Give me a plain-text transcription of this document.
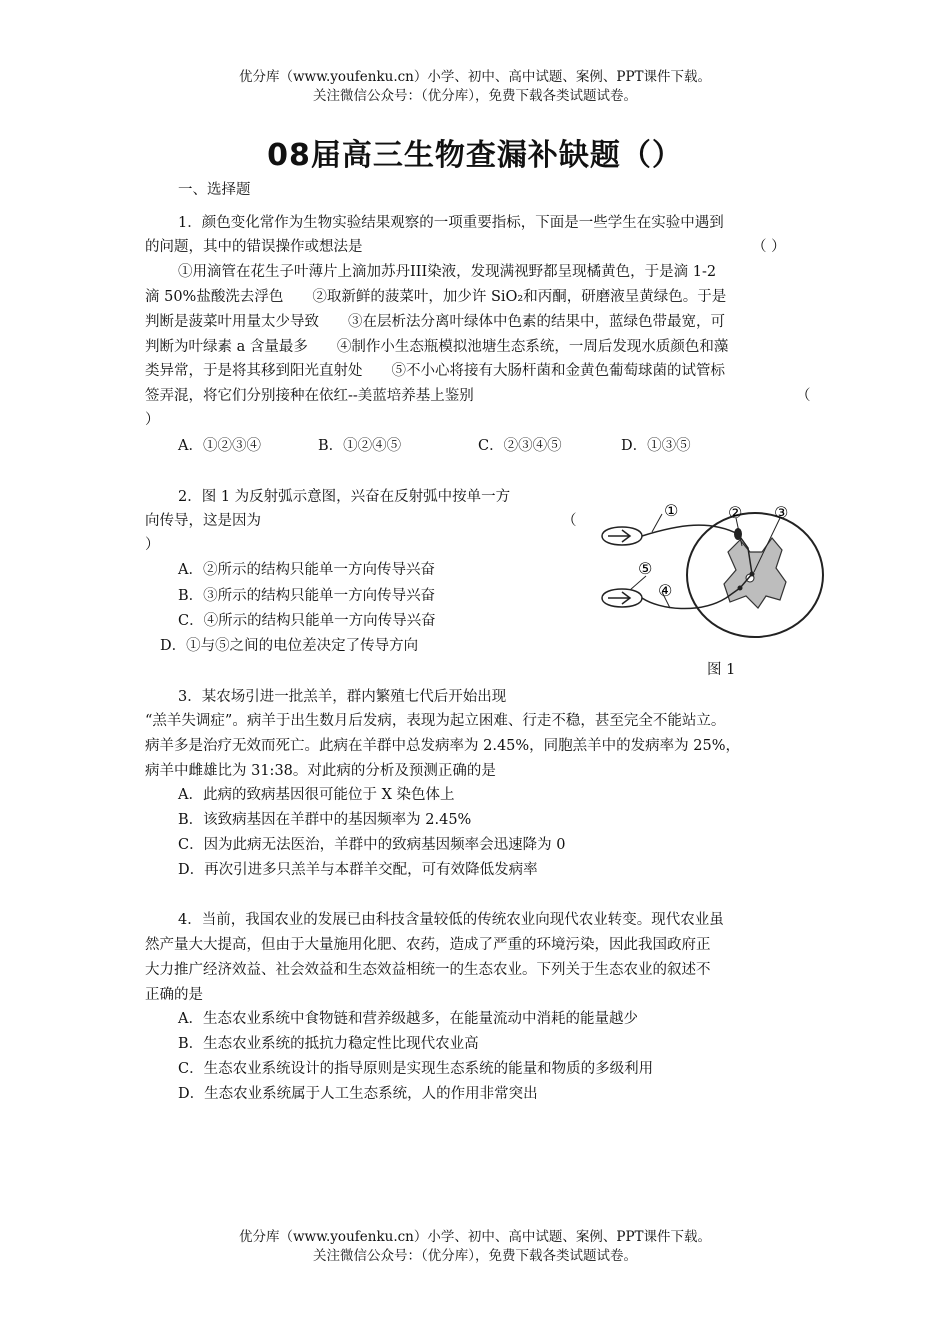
优分库（www.youfenku.cn）小学、初中、高中试题、案例、PPT课件下载。
关注微信公众号：（优分库），免费下载各类试题试卷。
08届高三生物查漏补缺题（）
一、选择题
1．颜色变化常作为生物实验结果观察的一项重要指标，下面是一些学生在实验中遇到
的问题，其中的错误操作或想法是	（ ）
①用滴管在花生子叶薄片上滴加苏丹III染液，发现满视野都呈现橘黄色，于是滴 1-2
滴 50%盐酸洗去浮色　　②取新鲜的菠菜叶，加少许 SiO₂和丙酮，研磨液呈黄绿色。于是
判断是菠菜叶用量太少导致　　③在层析法分离叶绿体中色素的结果中，蓝绿色带最宽，可
判断为叶绿素 a 含量最多　　④制作小生态瓶模拟池塘生态系统，一周后发现水质颜色和藻
类异常，于是将其移到阳光直射处　　⑤不小心将接有大肠杆菌和金黄色葡萄球菌的试管标
签弄混，将它们分别接种在依红--美蓝培养基上鉴别	（
）
A．①②③④	B．①②④⑤	C．②③④⑤	D．①③⑤
2．图 1 为反射弧示意图，兴奋在反射弧中按单一方
向传导，这是因为	（
）
A．②所示的结构只能单一方向传导兴奋
B．③所示的结构只能单一方向传导兴奋
C．④所示的结构只能单一方向传导兴奋
D．①与⑤之间的电位差决定了传导方向
①	② ③
④
⑤
图 1
3．某农场引进一批羔羊，群内繁殖七代后开始出现
“羔羊失调症”。病羊于出生数月后发病，表现为起立困难、行走不稳，甚至完全不能站立。
病羊多是治疗无效而死亡。此病在羊群中总发病率为 2.45%，同胞羔羊中的发病率为 25%，
病羊中雌雄比为 31:38。对此病的分析及预测正确的是
A．此病的致病基因很可能位于 X 染色体上
B．该致病基因在羊群中的基因频率为 2.45%
C．因为此病无法医治，羊群中的致病基因频率会迅速降为 0
D．再次引进多只羔羊与本群羊交配，可有效降低发病率
4．当前，我国农业的发展已由科技含量较低的传统农业向现代农业转变。现代农业虽
然产量大大提高，但由于大量施用化肥、农药，造成了严重的环境污染，因此我国政府正
大力推广经济效益、社会效益和生态效益相统一的生态农业。下列关于生态农业的叙述不
正确的是
A．生态农业系统中食物链和营养级越多，在能量流动中消耗的能量越少
B．生态农业系统的抵抗力稳定性比现代农业高
C．生态农业系统设计的指导原则是实现生态系统的能量和物质的多级利用
D．生态农业系统属于人工生态系统，人的作用非常突出
优分库（www.youfenku.cn）小学、初中、高中试题、案例、PPT课件下载。
关注微信公众号：（优分库），免费下载各类试题试卷。
